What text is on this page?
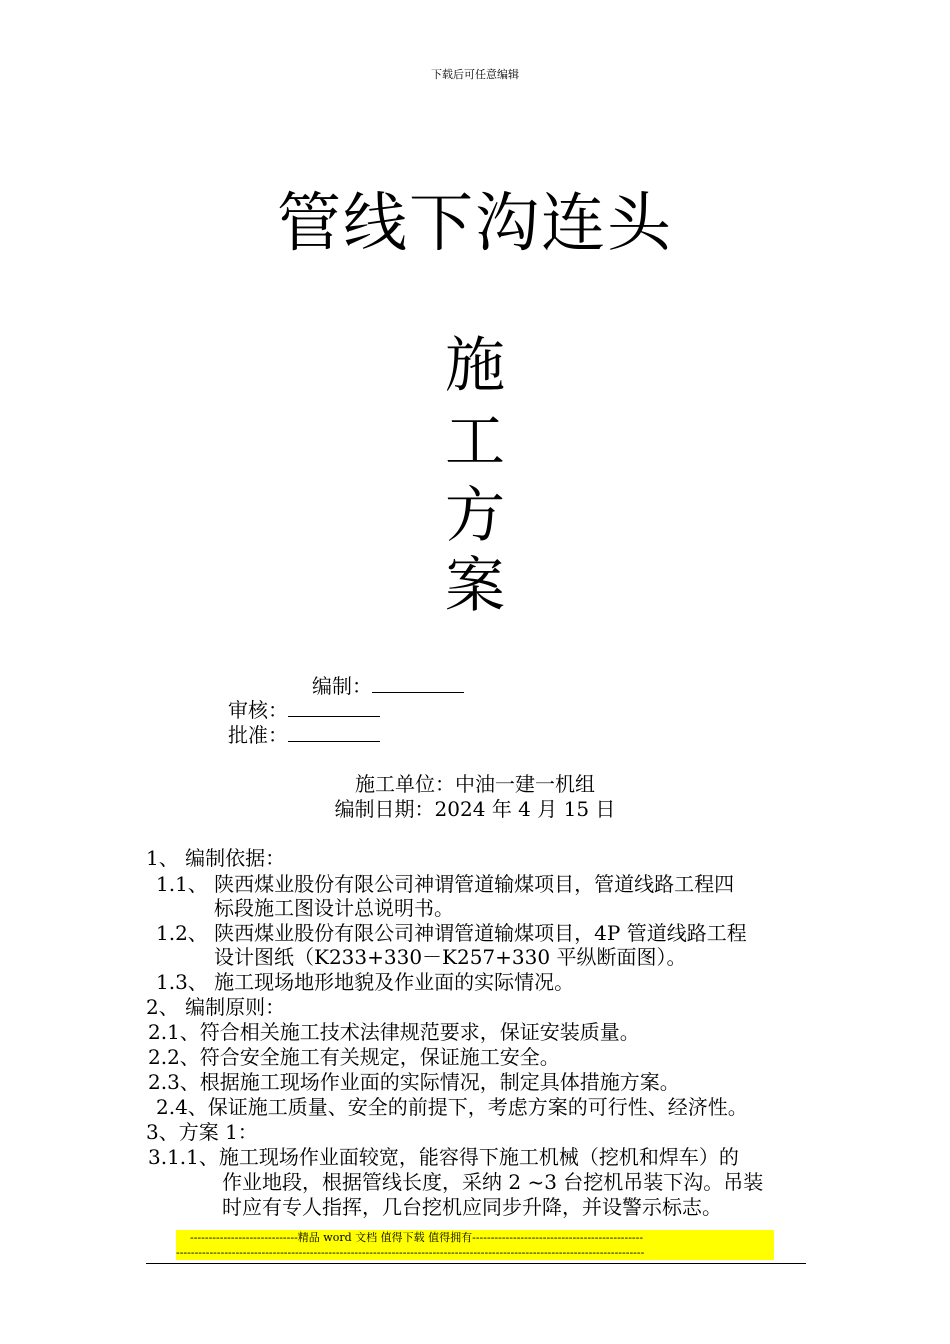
下载后可任意编辑
管线下沟连头
施
工
方
案
编制：
审核：
批准：
施工单位：中油一建一机组
编制日期：2024 年 4 月 15 日
1、 编制依据：
1.1、 陕西煤业股份有限公司神谓管道输煤项目，管道线路工程四
标段施工图设计总说明书。
1.2、 陕西煤业股份有限公司神谓管道输煤项目，4P 管道线路工程
设计图纸（K233+330－K257+330 平纵断面图）。
1.3、 施工现场地形地貌及作业面的实际情况。
2、 编制原则：
2.1、符合相关施工技术法律规范要求，保证安装质量。
2.2、符合安全施工有关规定，保证施工安全。
2.3、根据施工现场作业面的实际情况，制定具体措施方案。
2.4、保证施工质量、安全的前提下，考虑方案的可行性、经济性。
3、方案 1：
3.1.1、施工现场作业面较宽，能容得下施工机械（挖机和焊车）的
作业地段，根据管线长度，采纳 2 ~3 台挖机吊装下沟。吊装
时应有专人指挥，几台挖机应同步升降，并设警示标志。
-----------------------------精品 word 文档 值得下载 值得拥有----------------------------------------------
------------------------------------------------------------------------------------------------------------------------------
